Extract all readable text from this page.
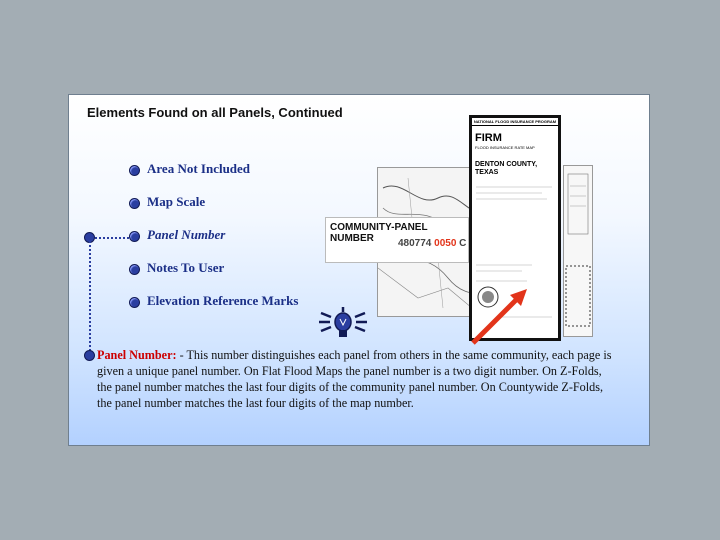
Elements Found on all Panels, Continued
NATIONAL FLOOD INSURANCE PROGRAM
FIRM
FLOOD INSURANCE RATE MAP
DENTON COUNTY,
TEXAS
COMMUNITY-PANEL NUMBER	480774 0050 C
Area Not Included
Map Scale
Panel Number
Notes To User
Elevation Reference Marks
Panel Number: - This number distinguishes each panel from others in the same community, each page is given a unique panel number. On Flat Flood Maps the panel number is a two digit number. On Z-Folds, the panel number matches the last four digits of the community panel number. On Countywide Z-Folds, the panel number matches the last four digits of the map number.
